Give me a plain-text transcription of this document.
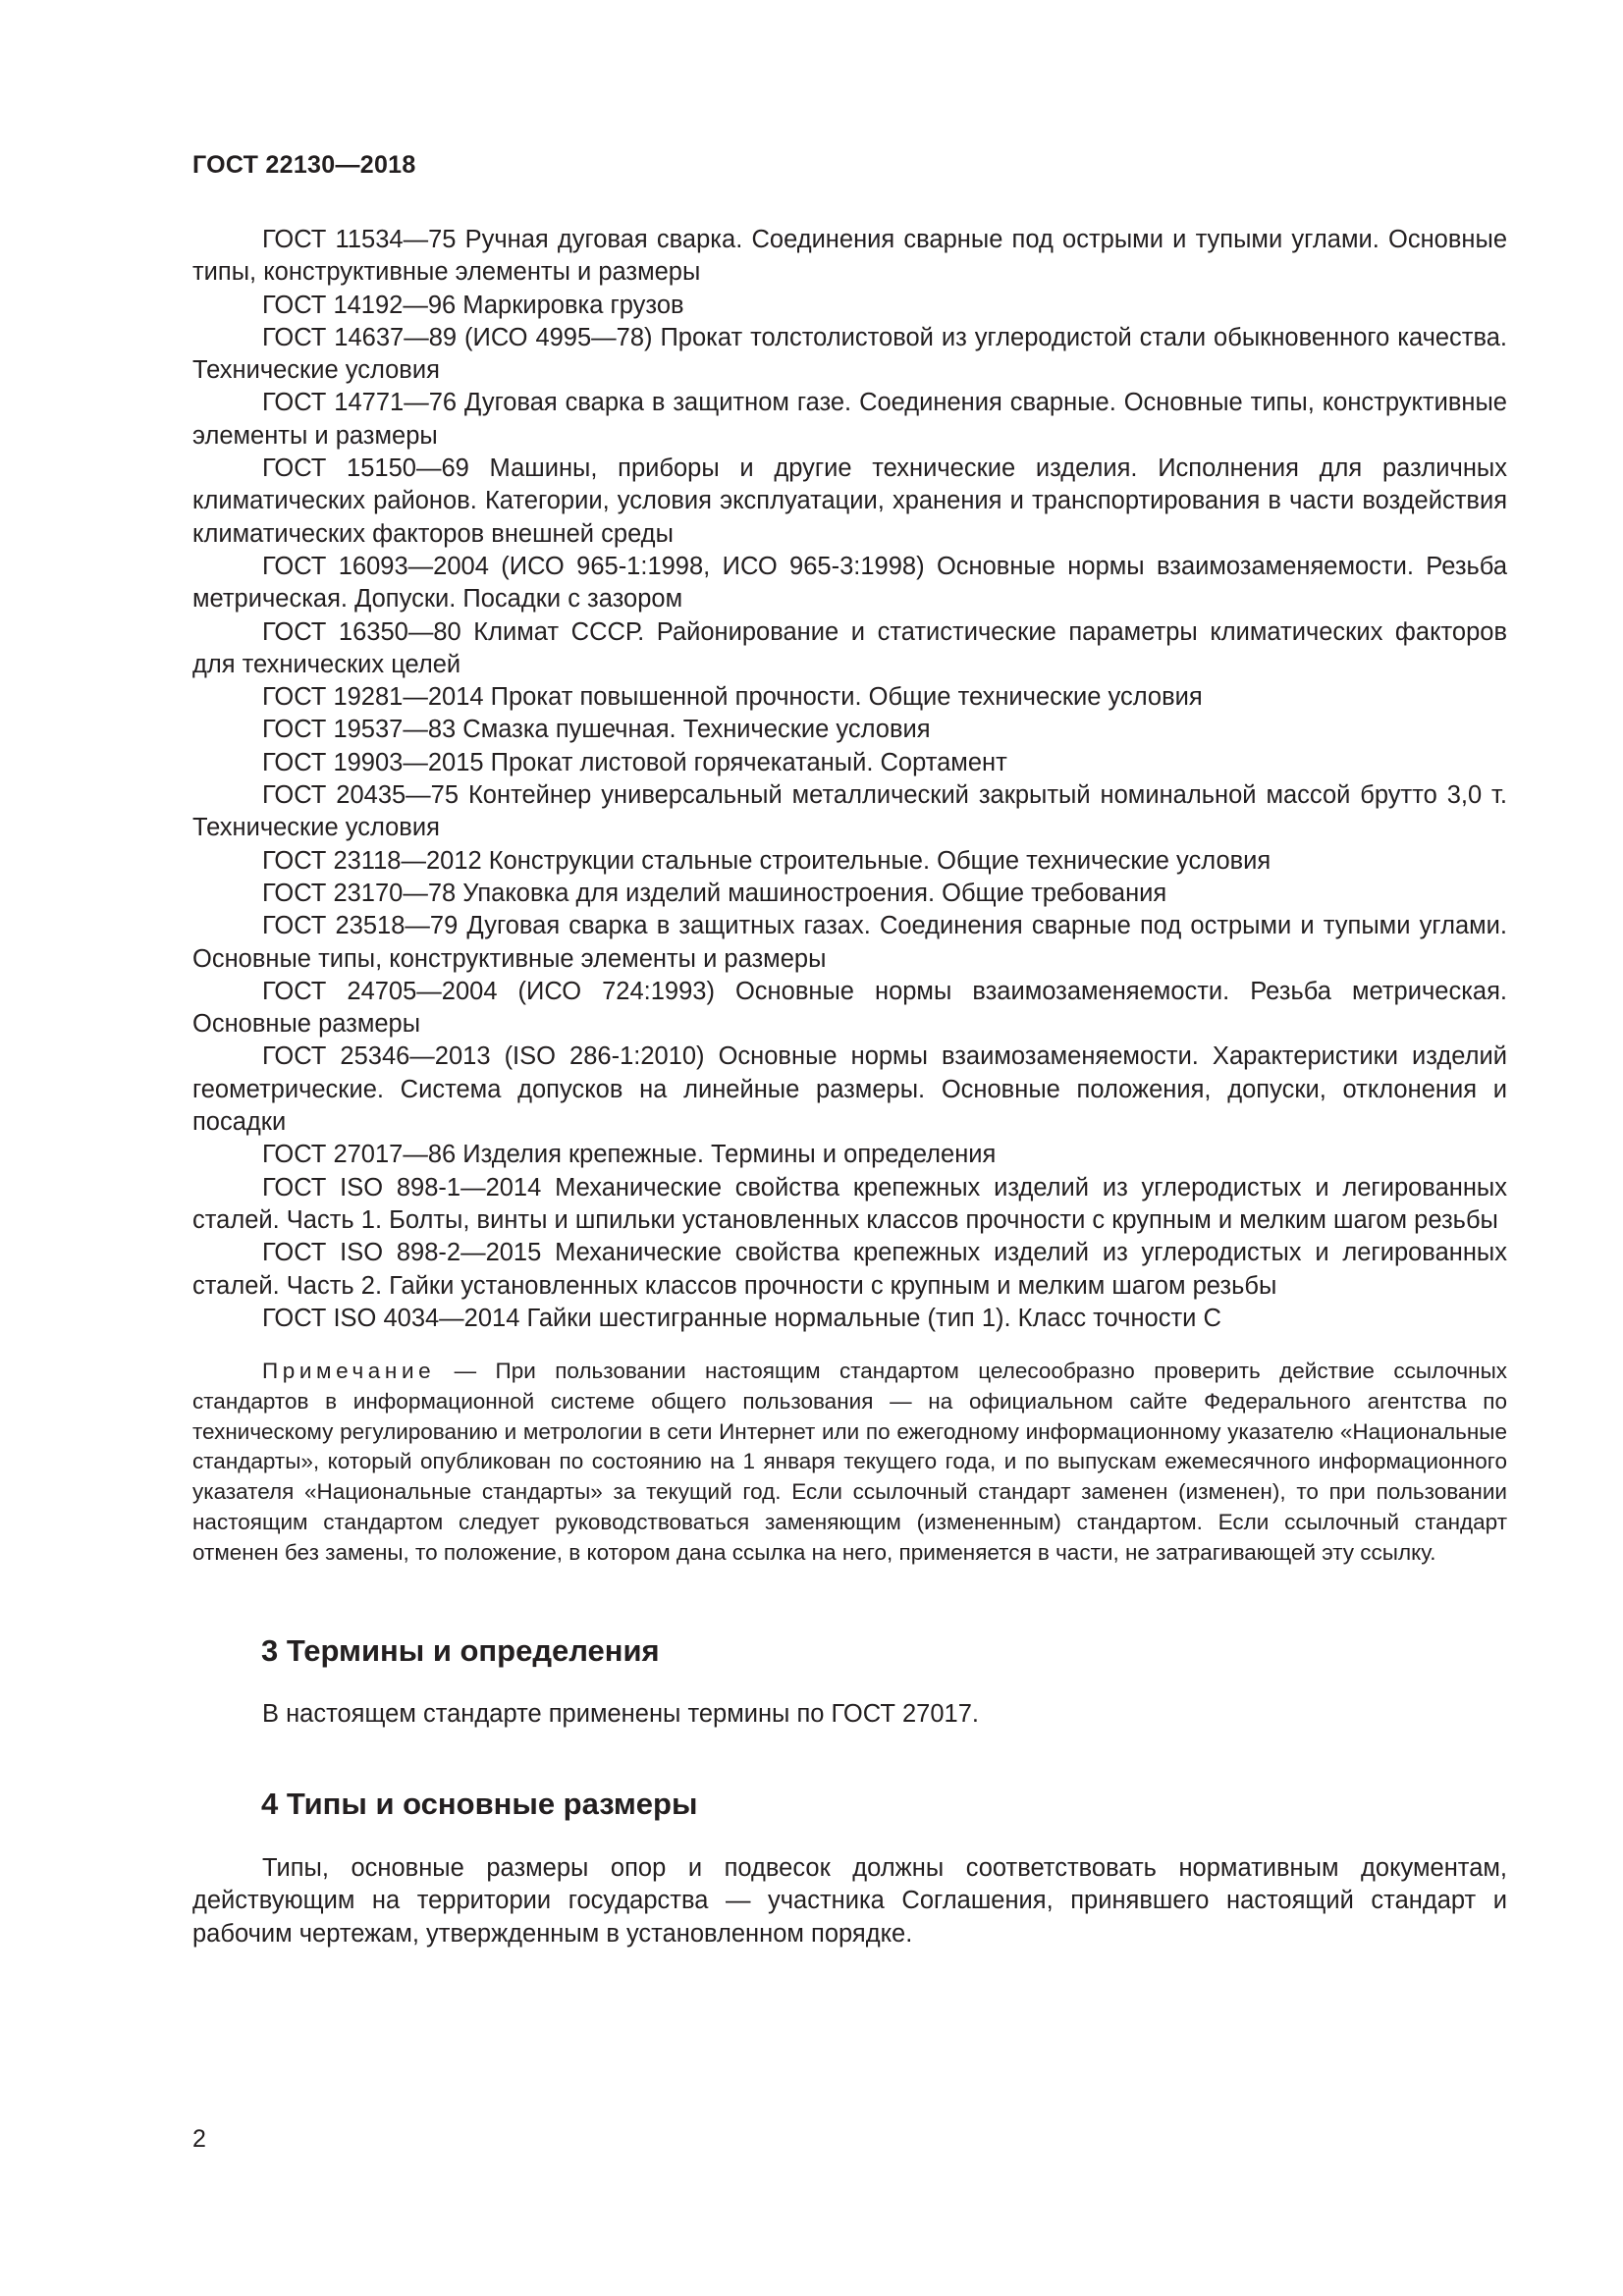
ГОСТ 22130—2018
ГОСТ 11534—75 Ручная дуговая сварка. Соединения сварные под острыми и тупыми углами. Основные типы, конструктивные элементы и размеры
ГОСТ 14192—96 Маркировка грузов
ГОСТ 14637—89 (ИСО 4995—78) Прокат толстолистовой из углеродистой стали обыкновенного качества. Технические условия
ГОСТ 14771—76 Дуговая сварка в защитном газе. Соединения сварные. Основные типы, конструктивные элементы и размеры
ГОСТ 15150—69 Машины, приборы и другие технические изделия. Исполнения для различных климатических районов. Категории, условия эксплуатации, хранения и транспортирования в части воздействия климатических факторов внешней среды
ГОСТ 16093—2004 (ИСО 965-1:1998, ИСО 965-3:1998) Основные нормы взаимозаменяемости. Резьба метрическая. Допуски. Посадки с зазором
ГОСТ 16350—80 Климат СССР. Районирование и статистические параметры климатических факторов для технических целей
ГОСТ 19281—2014 Прокат повышенной прочности. Общие технические условия
ГОСТ 19537—83 Смазка пушечная. Технические условия
ГОСТ 19903—2015 Прокат листовой горячекатаный. Сортамент
ГОСТ 20435—75 Контейнер универсальный металлический закрытый номинальной массой брутто 3,0 т. Технические условия
ГОСТ 23118—2012 Конструкции стальные строительные. Общие технические условия
ГОСТ 23170—78 Упаковка для изделий машиностроения. Общие требования
ГОСТ 23518—79 Дуговая сварка в защитных газах. Соединения сварные под острыми и тупыми углами. Основные типы, конструктивные элементы и размеры
ГОСТ 24705—2004 (ИСО 724:1993) Основные нормы взаимозаменяемости. Резьба метрическая. Основные размеры
ГОСТ 25346—2013 (ISO 286-1:2010) Основные нормы взаимозаменяемости. Характеристики изделий геометрические. Система допусков на линейные размеры. Основные положения, допуски, отклонения и посадки
ГОСТ 27017—86 Изделия крепежные. Термины и определения
ГОСТ ISO 898-1—2014 Механические свойства крепежных изделий из углеродистых и легированных сталей. Часть 1. Болты, винты и шпильки установленных классов прочности с крупным и мелким шагом резьбы
ГОСТ ISO 898-2—2015 Механические свойства крепежных изделий из углеродистых и легированных сталей. Часть 2. Гайки установленных классов прочности с крупным и мелким шагом резьбы
ГОСТ ISO 4034—2014 Гайки шестигранные нормальные (тип 1). Класс точности С

Примечание — При пользовании настоящим стандартом целесообразно проверить действие ссылочных стандартов в информационной системе общего пользования — на официальном сайте Федерального агентства по техническому регулированию и метрологии в сети Интернет или по ежегодному информационному указателю «Национальные стандарты», который опубликован по состоянию на 1 января текущего года, и по выпускам ежемесячного информационного указателя «Национальные стандарты» за текущий год. Если ссылочный стандарт заменен (изменен), то при пользовании настоящим стандартом следует руководствоваться заменяющим (измененным) стандартом. Если ссылочный стандарт отменен без замены, то положение, в котором дана ссылка на него, применяется в части, не затрагивающей эту ссылку.

3 Термины и определения

В настоящем стандарте применены термины по ГОСТ 27017.

4 Типы и основные размеры

Типы, основные размеры опор и подвесок должны соответствовать нормативным документам, действующим на территории государства — участника Соглашения, принявшего настоящий стандарт и рабочим чертежам, утвержденным в установленном порядке.

2
